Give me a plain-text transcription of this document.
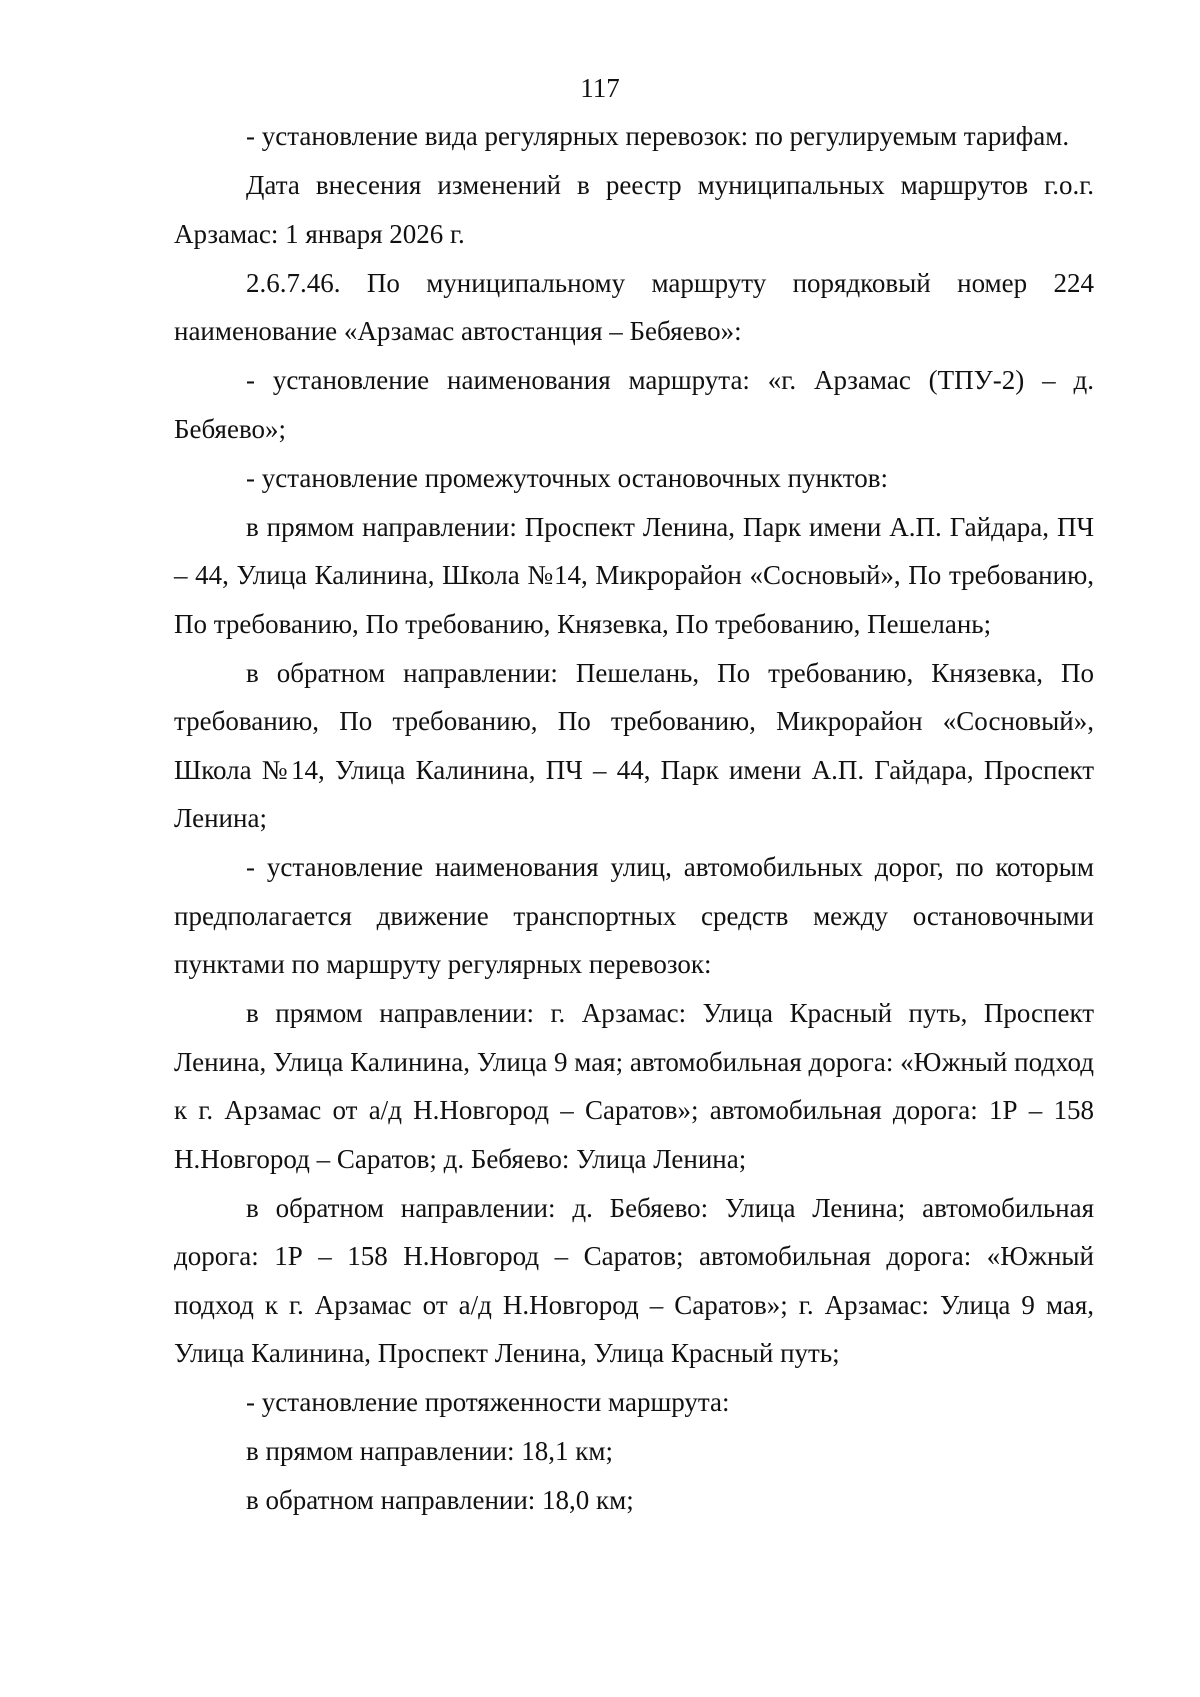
117

- установление вида регулярных перевозок: по регулируемым тарифам.

Дата внесения изменений в реестр муниципальных маршрутов г.о.г. Арзамас: 1 января 2026 г.

2.6.7.46. По муниципальному маршруту порядковый номер 224 наименование «Арзамас автостанция – Бебяево»:

- установление наименования маршрута: «г. Арзамас (ТПУ-2) – д. Бебяево»;

- установление промежуточных остановочных пунктов:

в прямом направлении: Проспект Ленина, Парк имени А.П. Гайдара, ПЧ – 44, Улица Калинина, Школа №14, Микрорайон «Сосновый», По требованию, По требованию, По требованию, Князевка, По требованию, Пешелань;

в обратном направлении: Пешелань, По требованию, Князевка, По требованию, По требованию, По требованию, Микрорайон «Сосновый», Школа №14, Улица Калинина, ПЧ – 44, Парк имени А.П. Гайдара, Проспект Ленина;

- установление наименования улиц, автомобильных дорог, по которым предполагается движение транспортных средств между остановочными пунктами по маршруту регулярных перевозок:

в прямом направлении: г. Арзамас: Улица Красный путь, Проспект Ленина, Улица Калинина, Улица 9 мая; автомобильная дорога: «Южный подход к г. Арзамас от а/д Н.Новгород – Саратов»; автомобильная дорога: 1Р – 158 Н.Новгород – Саратов; д. Бебяево: Улица Ленина;

в обратном направлении: д. Бебяево: Улица Ленина; автомобильная дорога: 1Р – 158 Н.Новгород – Саратов; автомобильная дорога: «Южный подход к г. Арзамас от а/д Н.Новгород – Саратов»; г. Арзамас: Улица 9 мая, Улица Калинина, Проспект Ленина, Улица Красный путь;

- установление протяженности маршрута:

в прямом направлении: 18,1 км;

в обратном направлении: 18,0 км;
